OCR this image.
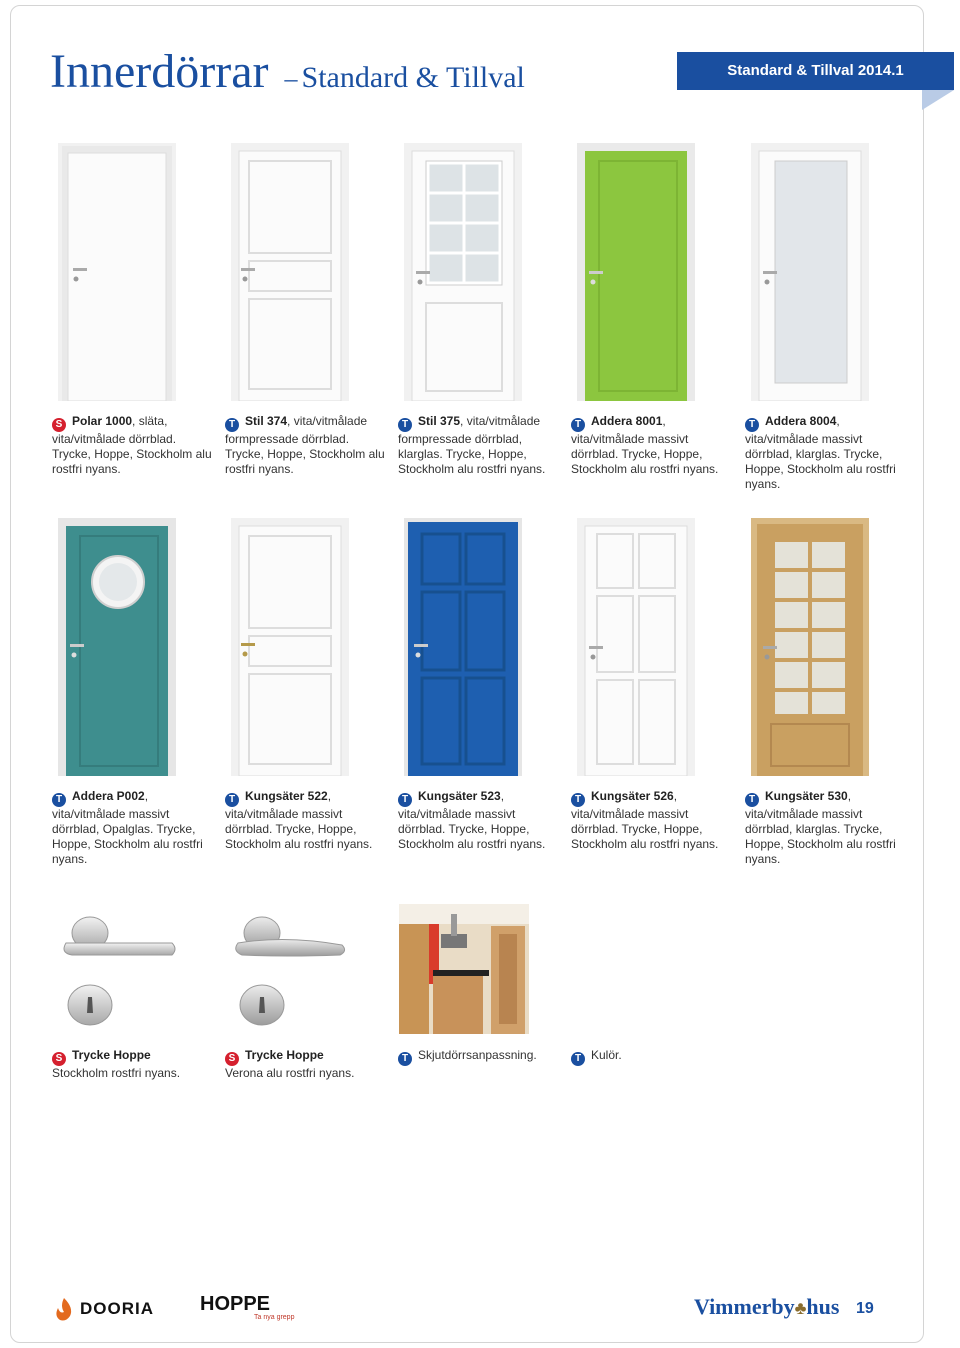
Innerdörrar – Standard & Tillval	Standard & Tillval 2014.1
S Polar 1000, släta, vita/vitmålade dörrblad. Trycke, Hoppe, Stockholm alu rostfri nyans.
T Stil 374, vita/vitmålade formpressade dörrblad. Trycke, Hoppe, Stockholm alu rostfri nyans.
T Stil 375, vita/vitmålade formpressade dörrblad, klarglas. Trycke, Hoppe, Stockholm alu rostfri nyans.
T Addera 8001, vita/vitmålade massivt dörrblad. Trycke, Hoppe, Stockholm alu rostfri nyans.
T Addera 8004, vita/vitmålade massivt dörrblad, klarglas. Trycke, Hoppe, Stockholm alu rostfri nyans.
T Addera P002, vita/vitmålade massivt dörrblad, Opalglas. Trycke, Hoppe, Stockholm alu rostfri nyans.
T Kungsäter 522, vita/vitmålade massivt dörrblad. Trycke, Hoppe, Stockholm alu rostfri nyans.
T Kungsäter 523, vita/vitmålade massivt dörrblad. Trycke, Hoppe, Stockholm alu rostfri nyans.
T Kungsäter 526, vita/vitmålade massivt dörrblad. Trycke, Hoppe, Stockholm alu rostfri nyans.
T Kungsäter 530, vita/vitmålade massivt dörrblad, klarglas. Trycke, Hoppe, Stockholm alu rostfri nyans.
S Trycke Hoppe
Stockholm rostfri nyans.
S Trycke Hoppe
Verona alu rostfri nyans.
T Skjutdörrsanpassning.	T Kulör.
DOORIA HOPPE
Ta nya grepp	Vimmerby♣hus 19
